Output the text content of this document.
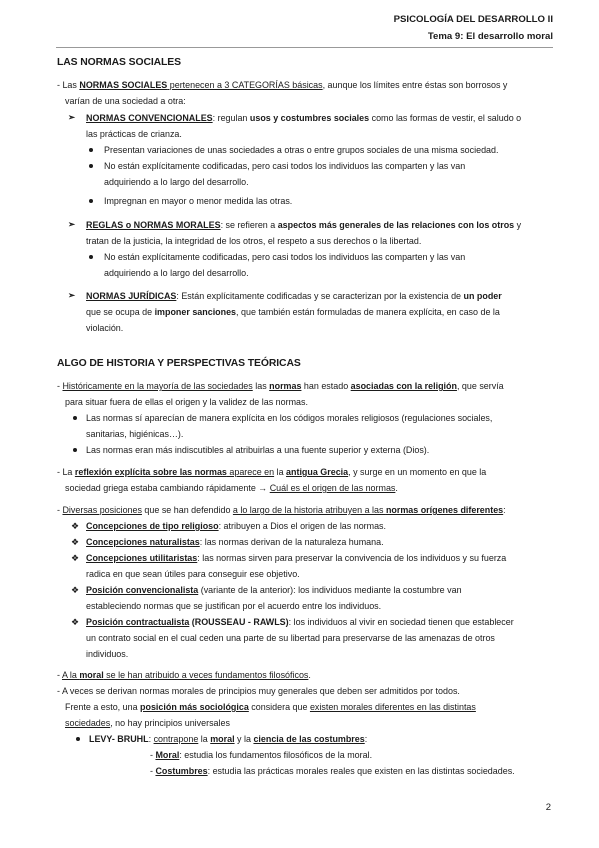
PSICOLOGÍA DEL DESARROLLO II
Tema 9: El desarrollo moral
LAS NORMAS SOCIALES
- Las NORMAS SOCIALES pertenecen a 3 CATEGORÍAS básicas, aunque los límites entre éstas son borrosos y
varían de una sociedad a otra:
➢ NORMAS CONVENCIONALES: regulan usos y costumbres sociales como las formas de vestir, el saludo o
las prácticas de crianza.
Presentan variaciones de unas sociedades a otras o entre grupos sociales de una misma sociedad.
No están explícitamente codificadas, pero casi todos los individuos las comparten y las van
adquiriendo a lo largo del desarrollo.
Impregnan en mayor o menor medida las otras.
➢ REGLAS o NORMAS MORALES: se refieren a aspectos más generales de las relaciones con los otros y
tratan de la justicia, la integridad de los otros, el respeto a sus derechos o la libertad.
No están explícitamente codificadas, pero casi todos los individuos las comparten y las van
adquiriendo a lo largo del desarrollo.
➢ NORMAS JURÍDICAS: Están explícitamente codificadas y se caracterizan por la existencia de un poder
que se ocupa de imponer sanciones, que también están formuladas de manera explícita, en caso de la
violación.
ALGO DE HISTORIA Y PERSPECTIVAS TEÓRICAS
- Históricamente en la mayoría de las sociedades las normas han estado asociadas con la religión, que servía
para situar fuera de ellas el origen y la validez de las normas.
Las normas sí aparecían de manera explícita en los códigos morales religiosos (regulaciones sociales,
sanitarias, higiénicas…).
Las normas eran más indiscutibles al atribuirlas a una fuente superior y externa (Dios).
- La reflexión explícita sobre las normas aparece en la antigua Grecia, y surge en un momento en que la
sociedad griega estaba cambiando rápidamente → Cuál es el origen de las normas.
- Diversas posiciones que se han defendido a lo largo de la historia atribuyen a las normas orígenes diferentes:
❖ Concepciones de tipo religioso: atribuyen a Dios el origen de las normas.
❖ Concepciones naturalistas: las normas derivan de la naturaleza humana.
❖ Concepciones utilitaristas: las normas sirven para preservar la convivencia de los individuos y su fuerza
radica en que sean útiles para conseguir ese objetivo.
❖ Posición convencionalista (variante de la anterior): los individuos mediante la costumbre van
estableciendo normas que se justifican por el acuerdo entre los individuos.
❖ Posición contractualista (ROUSSEAU - RAWLS): los individuos al vivir en sociedad tienen que establecer
un contrato social en el cual ceden una parte de su libertad para preservarse de las amenazas de otros
individuos.
- A la moral se le han atribuido a veces fundamentos filosóficos.
- A veces se derivan normas morales de principios muy generales que deben ser admitidos por todos.
Frente a esto, una posición más sociológica considera que existen morales diferentes en las distintas
sociedades, no hay principios universales
LEVY- BRUHL: contrapone la moral y la ciencia de las costumbres:
- Moral: estudia los fundamentos filosóficos de la moral.
- Costumbres: estudia las prácticas morales reales que existen en las distintas sociedades.
2
